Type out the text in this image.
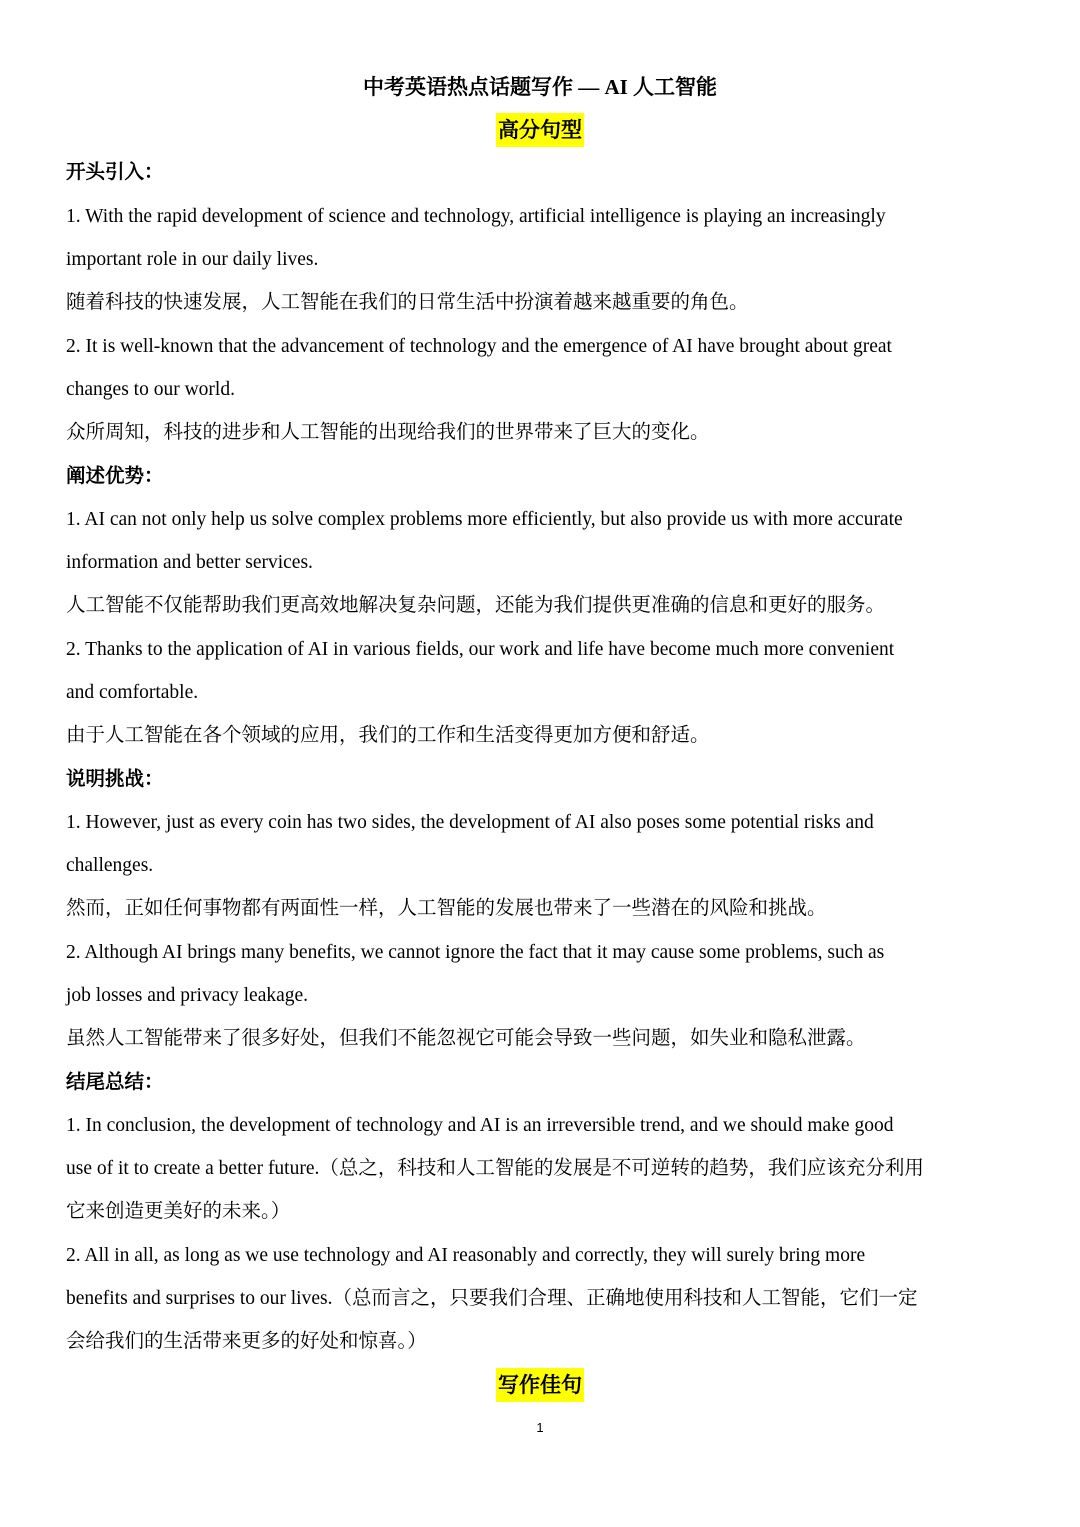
中考英语热点话题写作 — AI 人工智能
高分句型
开头引入：
1. With the rapid development of science and technology, artificial intelligence is playing an increasingly
important role in our daily lives.
随着科技的快速发展，人工智能在我们的日常生活中扮演着越来越重要的角色。
2. It is well-known that the advancement of technology and the emergence of AI have brought about great
changes to our world.
众所周知，科技的进步和人工智能的出现给我们的世界带来了巨大的变化。
阐述优势：
1. AI can not only help us solve complex problems more efficiently, but also provide us with more accurate
information and better services.
人工智能不仅能帮助我们更高效地解决复杂问题，还能为我们提供更准确的信息和更好的服务。
2. Thanks to the application of AI in various fields, our work and life have become much more convenient
and comfortable.
由于人工智能在各个领域的应用，我们的工作和生活变得更加方便和舒适。
说明挑战：
1. However, just as every coin has two sides, the development of AI also poses some potential risks and
challenges.
然而，正如任何事物都有两面性一样，人工智能的发展也带来了一些潜在的风险和挑战。
2. Although AI brings many benefits, we cannot ignore the fact that it may cause some problems, such as
job losses and privacy leakage.
虽然人工智能带来了很多好处，但我们不能忽视它可能会导致一些问题，如失业和隐私泄露。
结尾总结：
1. In conclusion, the development of technology and AI is an irreversible trend, and we should make good
use of it to create a better future.（总之，科技和人工智能的发展是不可逆转的趋势，我们应该充分利用
它来创造更美好的未来。）
2. All in all, as long as we use technology and AI reasonably and correctly, they will surely bring more
benefits and surprises to our lives.（总而言之，只要我们合理、正确地使用科技和人工智能，它们一定
会给我们的生活带来更多的好处和惊喜。）
写作佳句
1
